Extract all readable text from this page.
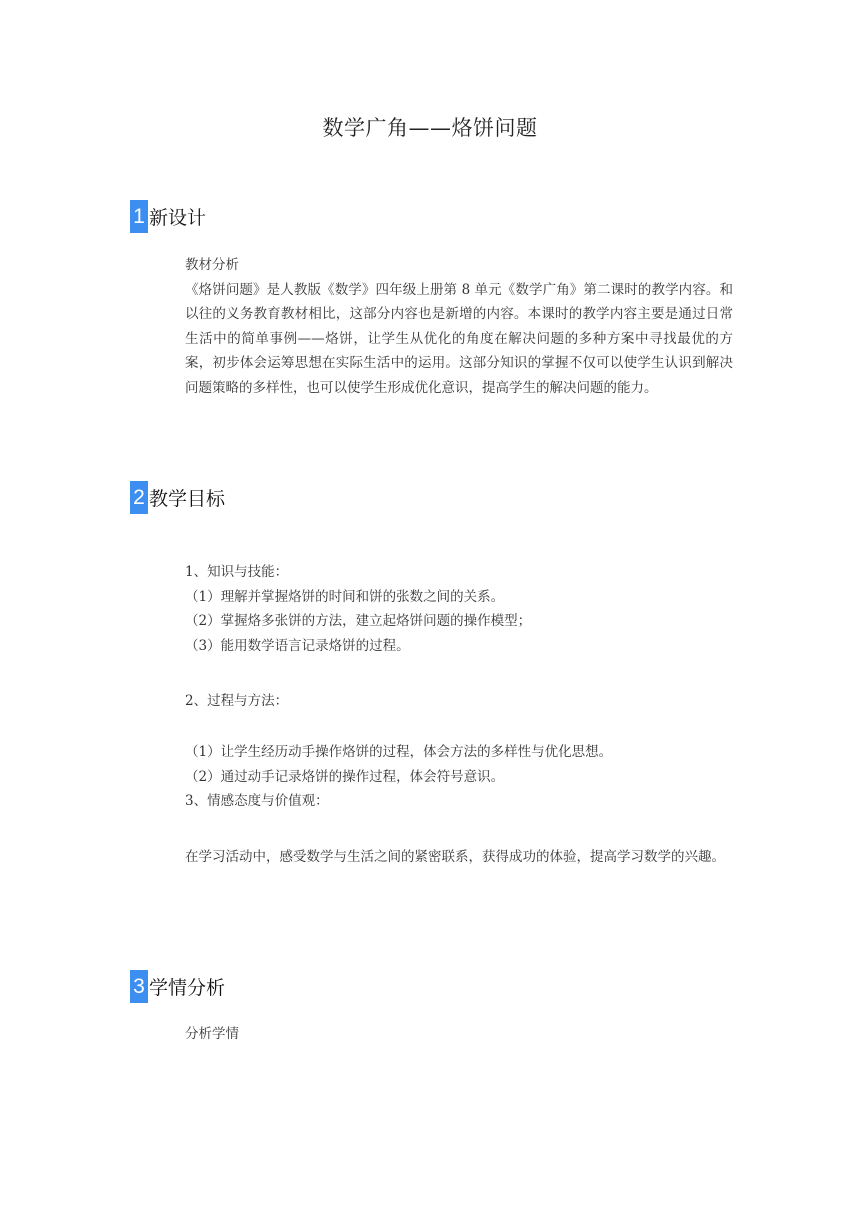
数学广角——烙饼问题
1 新设计

教材分析

《烙饼问题》是人教版《数学》四年级上册第 8 单元《数学广角》第二课时的教学内容。和以往的义务教育教材相比，这部分内容也是新增的内容。本课时的教学内容主要是通过日常生活中的简单事例——烙饼，让学生从优化的角度在解决问题的多种方案中寻找最优的方案，初步体会运筹思想在实际生活中的运用。这部分知识的掌握不仅可以使学生认识到解决问题策略的多样性，也可以使学生形成优化意识，提高学生的解决问题的能力。

2 教学目标

1、知识与技能：

（1）理解并掌握烙饼的时间和饼的张数之间的关系。

（2）掌握烙多张饼的方法，建立起烙饼问题的操作模型；

（3）能用数学语言记录烙饼的过程。

2、过程与方法：

（1）让学生经历动手操作烙饼的过程，体会方法的多样性与优化思想。

（2）通过动手记录烙饼的操作过程，体会符号意识。

3、情感态度与价值观：

在学习活动中，感受数学与生活之间的紧密联系，获得成功的体验，提高学习数学的兴趣。

3 学情分析

分析学情
